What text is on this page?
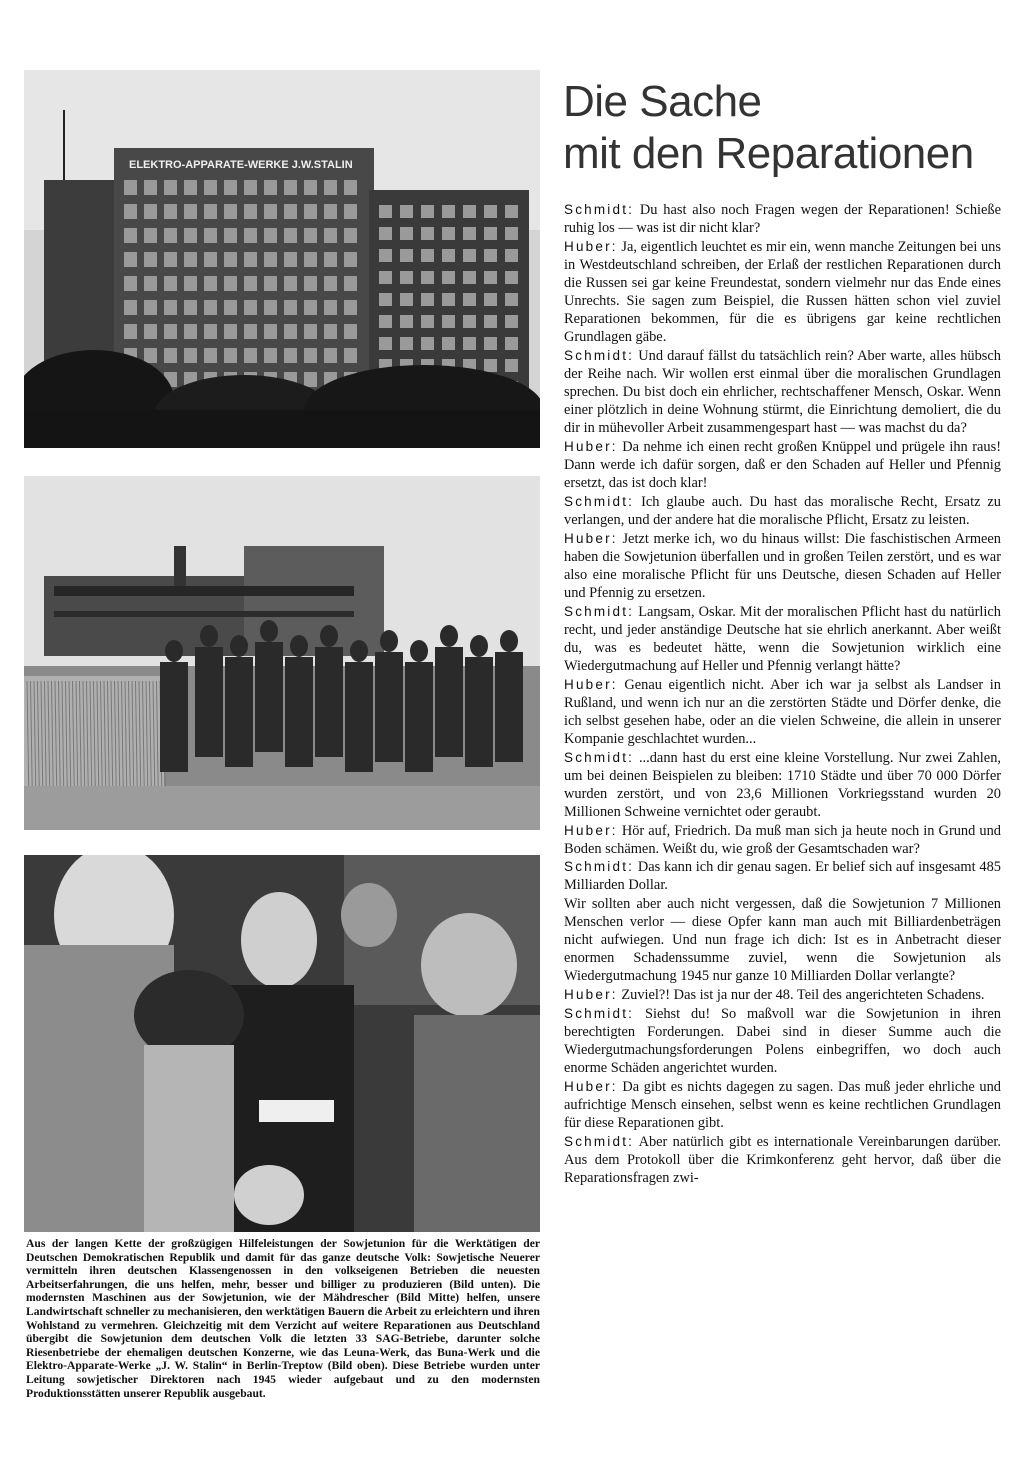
ELEKTRO-APPARATE-WERKE J.W.STALIN

Aus der langen Kette der großzügigen Hilfeleistungen der Sowjetunion für die Werktätigen der Deutschen Demokratischen Republik und damit für das ganze deutsche Volk: Sowjetische Neuerer vermitteln ihren deutschen Klassengenossen in den volkseigenen Betrieben die neuesten Arbeitserfahrungen, die uns helfen, mehr, besser und billiger zu produzieren (Bild unten). Die modernsten Maschinen aus der Sowjetunion, wie der Mähdrescher (Bild Mitte) helfen, unsere Landwirtschaft schneller zu mechanisieren, den werktätigen Bauern die Arbeit zu erleichtern und ihren Wohlstand zu vermehren. Gleichzeitig mit dem Verzicht auf weitere Reparationen aus Deutschland übergibt die Sowjetunion dem deutschen Volk die letzten 33 SAG-Betriebe, darunter solche Riesenbetriebe der ehemaligen deutschen Konzerne, wie das Leuna-Werk, das Buna-Werk und die Elektro-Apparate-Werke „J. W. Stalin“ in Berlin-Treptow (Bild oben). Diese Betriebe wurden unter Leitung sowjetischer Direktoren nach 1945 wieder aufgebaut und zu den modernsten Produktionsstätten unserer Republik ausgebaut.

Die Sache
mit den Reparationen

Schmidt: Du hast also noch Fragen wegen der Reparationen! Schieße ruhig los — was ist dir nicht klar?

Huber: Ja, eigentlich leuchtet es mir ein, wenn manche Zeitungen bei uns in Westdeutschland schreiben, der Erlaß der restlichen Reparationen durch die Russen sei gar keine Freundestat, sondern vielmehr nur das Ende eines Unrechts. Sie sagen zum Beispiel, die Russen hätten schon viel zuviel Reparationen bekommen, für die es übrigens gar keine rechtlichen Grundlagen gäbe.

Schmidt: Und darauf fällst du tatsächlich rein? Aber warte, alles hübsch der Reihe nach. Wir wollen erst einmal über die moralischen Grundlagen sprechen. Du bist doch ein ehrlicher, rechtschaffener Mensch, Oskar. Wenn einer plötzlich in deine Wohnung stürmt, die Einrichtung demoliert, die du dir in mühevoller Arbeit zusammengespart hast — was machst du da?

Huber: Da nehme ich einen recht großen Knüppel und prügele ihn raus! Dann werde ich dafür sorgen, daß er den Schaden auf Heller und Pfennig ersetzt, das ist doch klar!

Schmidt: Ich glaube auch. Du hast das moralische Recht, Ersatz zu verlangen, und der andere hat die moralische Pflicht, Ersatz zu leisten.

Huber: Jetzt merke ich, wo du hinaus willst: Die faschistischen Armeen haben die Sowjetunion überfallen und in großen Teilen zerstört, und es war also eine moralische Pflicht für uns Deutsche, diesen Schaden auf Heller und Pfennig zu ersetzen.

Schmidt: Langsam, Oskar. Mit der moralischen Pflicht hast du natürlich recht, und jeder anständige Deutsche hat sie ehrlich anerkannt. Aber weißt du, was es bedeutet hätte, wenn die Sowjetunion wirklich eine Wiedergutmachung auf Heller und Pfennig verlangt hätte?

Huber: Genau eigentlich nicht. Aber ich war ja selbst als Landser in Rußland, und wenn ich nur an die zerstörten Städte und Dörfer denke, die ich selbst gesehen habe, oder an die vielen Schweine, die allein in unserer Kompanie geschlachtet wurden...

Schmidt: ...dann hast du erst eine kleine Vorstellung. Nur zwei Zahlen, um bei deinen Beispielen zu bleiben: 1710 Städte und über 70 000 Dörfer wurden zerstört, und von 23,6 Millionen Vorkriegsstand wurden 20 Millionen Schweine vernichtet oder geraubt.

Huber: Hör auf, Friedrich. Da muß man sich ja heute noch in Grund und Boden schämen. Weißt du, wie groß der Gesamtschaden war?

Schmidt: Das kann ich dir genau sagen. Er belief sich auf insgesamt 485 Milliarden Dollar.

Wir sollten aber auch nicht vergessen, daß die Sowjetunion 7 Millionen Menschen verlor — diese Opfer kann man auch mit Billiardenbeträgen nicht aufwiegen. Und nun frage ich dich: Ist es in Anbetracht dieser enormen Schadenssumme zuviel, wenn die Sowjetunion als Wiedergutmachung 1945 nur ganze 10 Milliarden Dollar verlangte?

Huber: Zuviel?! Das ist ja nur der 48. Teil des angerichteten Schadens.

Schmidt: Siehst du! So maßvoll war die Sowjetunion in ihren berechtigten Forderungen. Dabei sind in dieser Summe auch die Wiedergutmachungsforderungen Polens einbegriffen, wo doch auch enorme Schäden angerichtet wurden.

Huber: Da gibt es nichts dagegen zu sagen. Das muß jeder ehrliche und aufrichtige Mensch einsehen, selbst wenn es keine rechtlichen Grundlagen für diese Reparationen gibt.

Schmidt: Aber natürlich gibt es internationale Vereinbarungen darüber. Aus dem Protokoll über die Krimkonferenz geht hervor, daß über die Reparationsfragen zwi-
